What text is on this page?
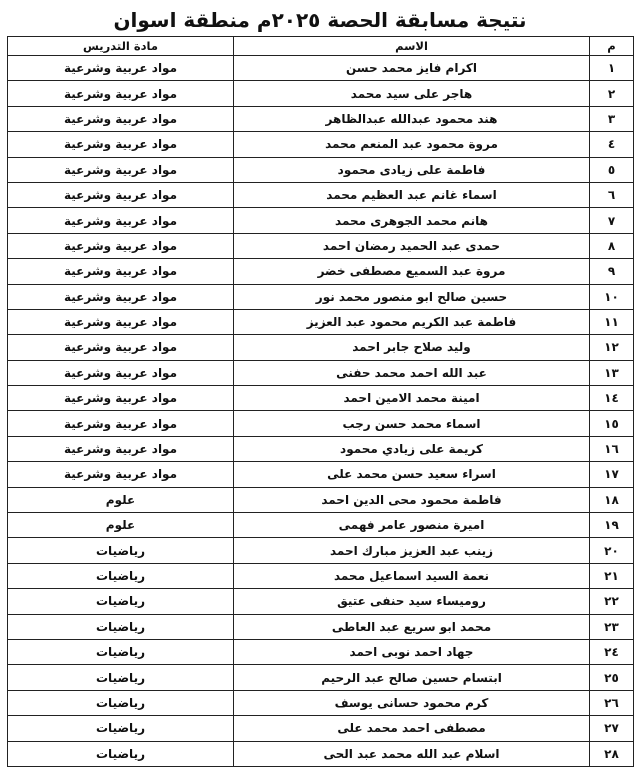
نتيجة مسابقة الحصة ٢٠٢٥م منطقة اسوان
م	الاسم	مادة التدريس
١	اكرام فايز محمد حسن	مواد عربية وشرعية
٢	هاجر على سيد محمد	مواد عربية وشرعية
٣	هند محمود عبدالله عبدالظاهر	مواد عربية وشرعية
٤	مروة محمود عبد المنعم محمد	مواد عربية وشرعية
٥	فاطمة على زيادى محمود	مواد عربية وشرعية
٦	اسماء غانم عبد العظيم محمد	مواد عربية وشرعية
٧	هانم محمد الجوهرى محمد	مواد عربية وشرعية
٨	حمدى عبد الحميد رمضان احمد	مواد عربية وشرعية
٩	مروة عبد السميع مصطفى خضر	مواد عربية وشرعية
١٠	حسين صالح ابو منصور محمد نور	مواد عربية وشرعية
١١	فاطمة عبد الكريم محمود عبد العزيز	مواد عربية وشرعية
١٢	وليد صلاح جابر احمد	مواد عربية وشرعية
١٣	عبد الله احمد محمد حفنى	مواد عربية وشرعية
١٤	امينة محمد الامين احمد	مواد عربية وشرعية
١٥	اسماء محمد حسن رجب	مواد عربية وشرعية
١٦	كريمة على زيادي محمود	مواد عربية وشرعية
١٧	اسراء سعيد حسن محمد على	مواد عربية وشرعية
١٨	فاطمة محمود محى الدين احمد	علوم
١٩	اميرة منصور عامر فهمى	علوم
٢٠	زينب عبد العزيز مبارك احمد	رياضيات
٢١	نعمة السيد اسماعيل محمد	رياضيات
٢٢	روميساء سيد حنفى عتيق	رياضيات
٢٣	محمد ابو سريع عبد العاطى	رياضيات
٢٤	جهاد احمد نوبى احمد	رياضيات
٢٥	ابتسام حسين صالح عبد الرحيم	رياضيات
٢٦	كرم محمود حسانى يوسف	رياضيات
٢٧	مصطفى احمد محمد على	رياضيات
٢٨	اسلام عبد الله محمد عبد الحى	رياضيات
